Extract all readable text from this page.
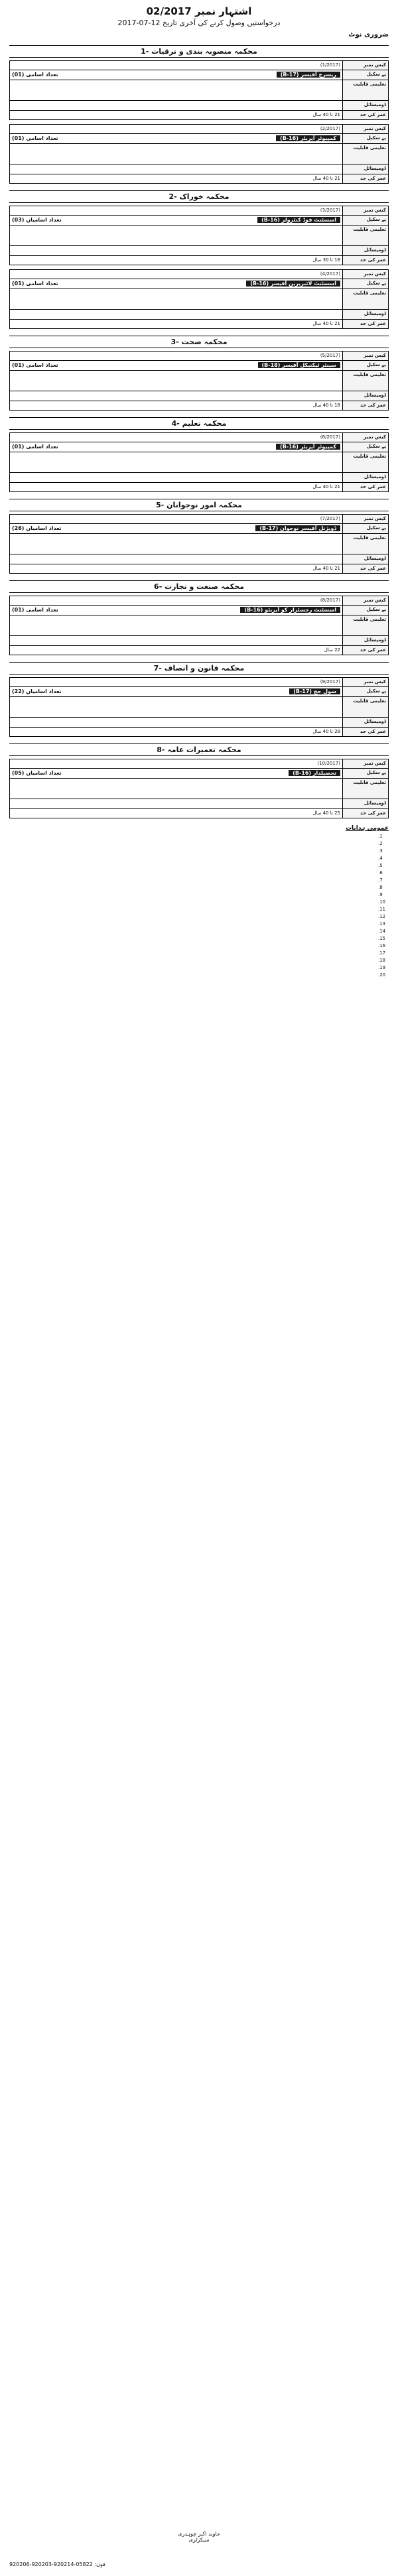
اشتہار نمبر 02/2017
درخواستیں وصول کرنے کی آخری تاریخ 12-07-2017
ضروری نوٹ
1- محکمہ منصوبہ بندی و ترقیات
کیس نمبر	(1/2017)
پے سکیل	ریسرچ آفیسر (B-17)
تعداد اسامی (01)

تعلیمی قابلیت	
ڈومیسائل	
عمر کی حد	21 تا 40 سال
کیس نمبر	(2/2017)
پے سکیل	کمپیوٹر آپریٹر (B-16)
تعداد اسامی (01)

تعلیمی قابلیت	
ڈومیسائل	
عمر کی حد	21 تا 40 سال
2- محکمہ خوراک
کیس نمبر	(3/2017)
پے سکیل	اسسٹنٹ فوڈ کنٹرولر (B-16)
تعداد اسامیاں (03)

تعلیمی قابلیت	
ڈومیسائل	
عمر کی حد	18 تا 30 سال
کیس نمبر	(4/2017)
پے سکیل	اسسٹنٹ لائبریرین آفیسر (B-16)
تعداد اسامی (01)

تعلیمی قابلیت	
ڈومیسائل	
عمر کی حد	21 تا 40 سال
3- محکمہ صحت
کیس نمبر	(5/2017)
پے سکیل	سینئر ٹیکنیکل آفیسر (B-18)
تعداد اسامی (01)

تعلیمی قابلیت	
ڈومیسائل	
عمر کی حد	18 تا 40 سال
4- محکمہ تعلیم
کیس نمبر	(6/2017)
پے سکیل	کمپیوٹر آپریٹر (B-16)
تعداد اسامی (01)

تعلیمی قابلیت	
ڈومیسائل	
عمر کی حد	21 تا 40 سال
5- محکمہ امور نوجوانان
کیس نمبر	(7/2017)
پے سکیل	ڈویژنل آفیسر نوجوان (B-17)
تعداد اسامیاں (26)

تعلیمی قابلیت	
ڈومیسائل	
عمر کی حد	21 تا 40 سال
6- محکمہ صنعت و تجارت
کیس نمبر	(8/2017)
پے سکیل	اسسٹنٹ رجسٹرار کو آپریٹو (B-16)
تعداد اسامی (01)

تعلیمی قابلیت	
ڈومیسائل	
عمر کی حد	22 سال
7- محکمہ قانون و انصاف
کیس نمبر	(9/2017)
پے سکیل	سول جج (B-17)
تعداد اسامیاں (22)

تعلیمی قابلیت	
ڈومیسائل	
عمر کی حد	28 تا 40 سال
8- محکمہ تعمیرات عامہ
کیس نمبر	(10/2017)
پے سکیل	تحصیلدار (B-16)
تعداد اسامیاں (05)

تعلیمی قابلیت	
ڈومیسائل	
عمر کی حد	25 تا 40 سال
عمومی ہدایات
1.
2.
3.
4.
5.
6.
7.
8.
9.
10.
11.
12.
13.
14.
15.
16.
17.
18.
19.
20.
جاوید اکبر چوہدری
سیکرٹری
فون: 05822-920214-920203-920206
